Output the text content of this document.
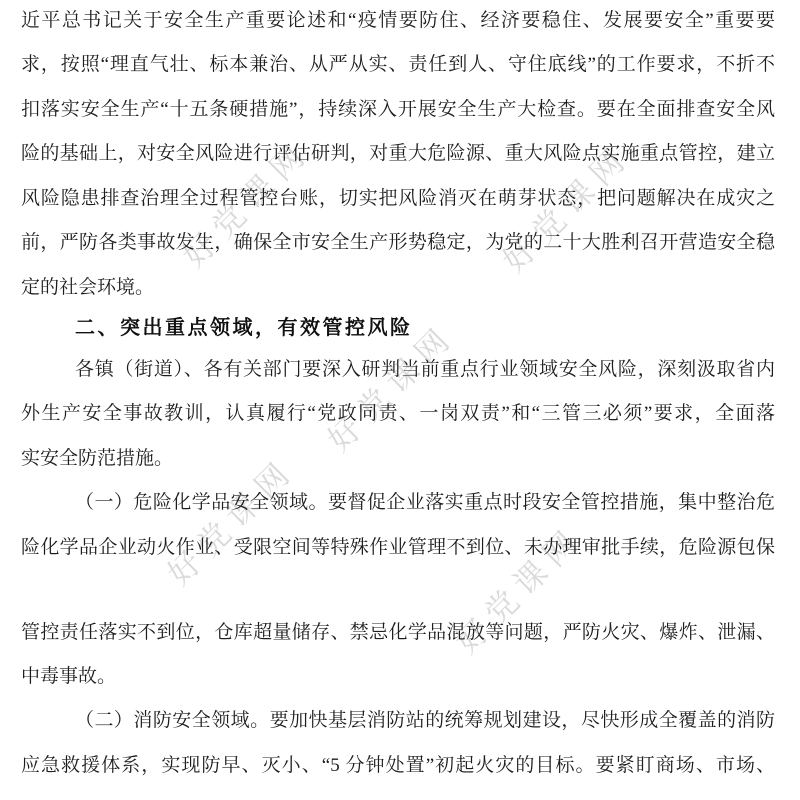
好党课网	好党课网
好党课网
好党课网	好党课网
近平总书记关于安全生产重要论述和“疫情要防住、经济要稳住、发展要安全”重要要
求，按照“理直气壮、标本兼治、从严从实、责任到人、守住底线”的工作要求，不折不
扣落实安全生产“十五条硬措施”，持续深入开展安全生产大检查。要在全面排查安全风
险的基础上，对安全风险进行评估研判，对重大危险源、重大风险点实施重点管控，建立
风险隐患排查治理全过程管控台账，切实把风险消灭在萌芽状态，把问题解决在成灾之
前，严防各类事故发生，确保全市安全生产形势稳定，为党的二十大胜利召开营造安全稳
定的社会环境。
二、突出重点领域，有效管控风险
各镇（街道）、各有关部门要深入研判当前重点行业领域安全风险，深刻汲取省内
外生产安全事故教训，认真履行“党政同责、一岗双责”和“三管三必须”要求，全面落
实安全防范措施。
（一）危险化学品安全领域。要督促企业落实重点时段安全管控措施，集中整治危
险化学品企业动火作业、受限空间等特殊作业管理不到位、未办理审批手续，危险源包保
管控责任落实不到位，仓库超量储存、禁忌化学品混放等问题，严防火灾、爆炸、泄漏、
中毒事故。
（二）消防安全领域。要加快基层消防站的统筹规划建设，尽快形成全覆盖的消防
应急救援体系，实现防早、灭小、“5 分钟处置”初起火灾的目标。要紧盯商场、市场、
